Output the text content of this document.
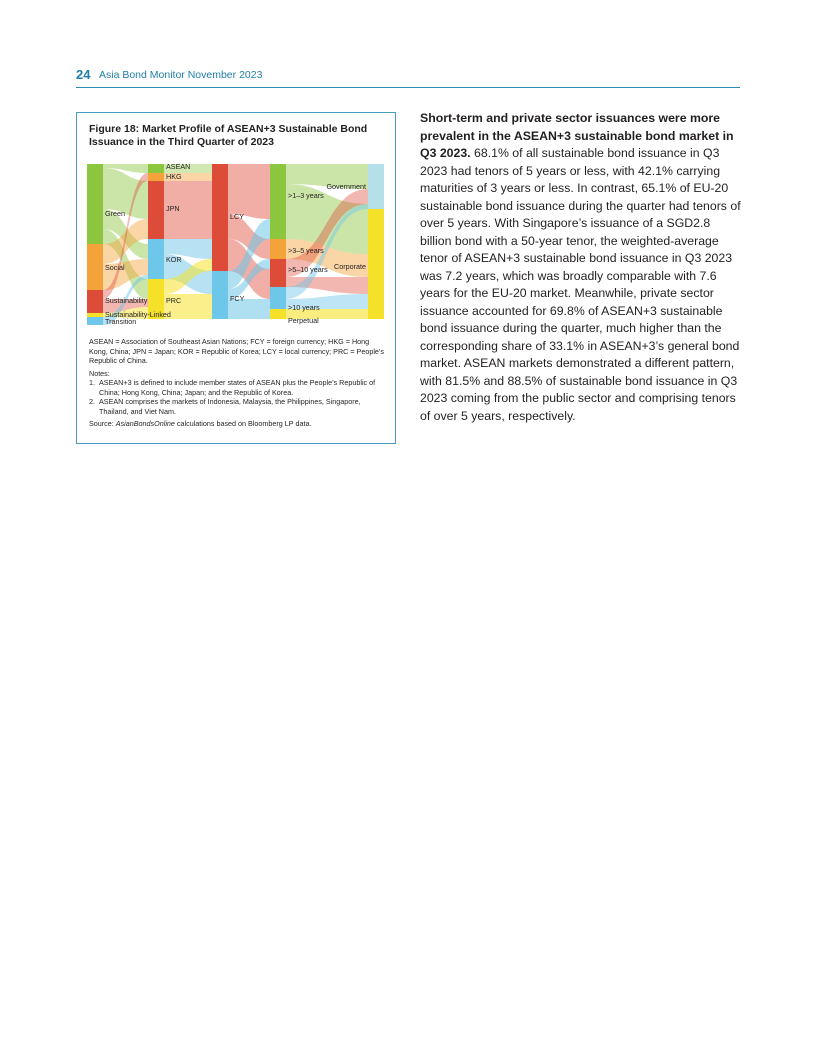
24 Asia Bond Monitor November 2023
Figure 18: Market Profile of ASEAN+3 Sustainable Bond Issuance in the Third Quarter of 2023
Green
Social
Sustainability
Sustainability-Linked
Transition
ASEAN
HKG
JPN
KOR
PRC
LCY
FCY
>1–3 years
>3–5 years
>5–10 years
>10 years
Perpetual
Government
Corporate

ASEAN = Association of Southeast Asian Nations; FCY = foreign currency; HKG = Hong Kong, China; JPN = Japan; KOR = Republic of Korea; LCY = local currency; PRC = People’s Republic of China.

Notes:

1. ASEAN+3 is defined to include member states of ASEAN plus the People’s Republic of China; Hong Kong, China; Japan; and the Republic of Korea.
2. ASEAN comprises the markets of Indonesia, Malaysia, the Philippines, Singapore, Thailand, and Viet Nam.

Source: AsianBondsOnline calculations based on Bloomberg LP data.

Short-term and private sector issuances were more prevalent in the ASEAN+3 sustainable bond market in Q3 2023. 68.1% of all sustainable bond issuance in Q3 2023 had tenors of 5 years or less, with 42.1% carrying maturities of 3 years or less. In contrast, 65.1% of EU-20 sustainable bond issuance during the quarter had tenors of over 5 years. With Singapore’s issuance of a SGD2.8 billion bond with a 50-year tenor, the weighted-average tenor of ASEAN+3 sustainable bond issuance in Q3 2023 was 7.2 years, which was broadly comparable with 7.6 years for the EU-20 market. Meanwhile, private sector issuance accounted for 69.8% of ASEAN+3 sustainable bond issuance during the quarter, much higher than the corresponding share of 33.1% in ASEAN+3’s general bond market. ASEAN markets demonstrated a different pattern, with 81.5% and 88.5% of sustainable bond issuance in Q3 2023 coming from the public sector and comprising tenors of over 5 years, respectively.
